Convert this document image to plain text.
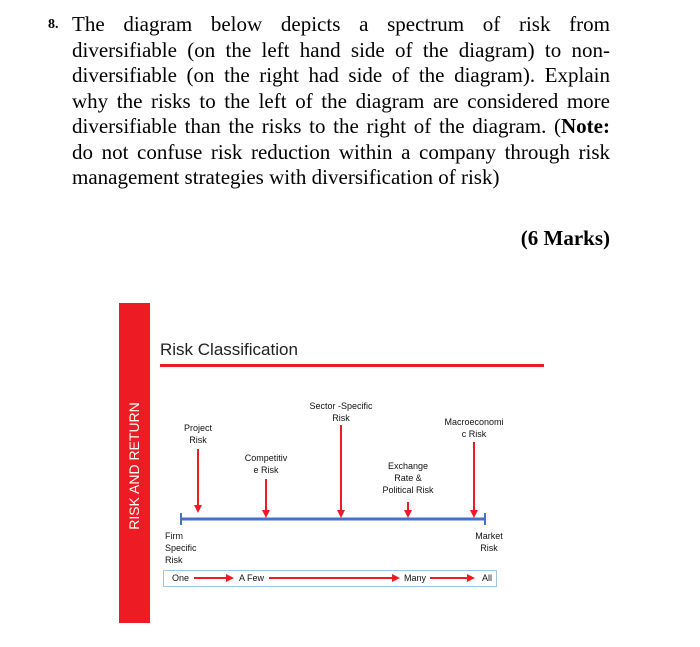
8. The diagram below depicts a spectrum of risk from diversifiable (on the left hand side of the diagram) to non- diversifiable (on the right had side of the diagram). Explain why the risks to the left of the diagram are considered more diversifiable than the risks to the right of the diagram. (Note: do not confuse risk reduction within a company through risk management strategies with diversification of risk)
(6 Marks)
RISK AND RETURN
Risk Classification
Project
Risk
Competitiv
e Risk
Sector -Specific
Risk
Exchange
Rate &
Political Risk
Macroeconomi
c Risk
Firm
Specific
Risk
Market
Risk
One	A Few	Many	All
